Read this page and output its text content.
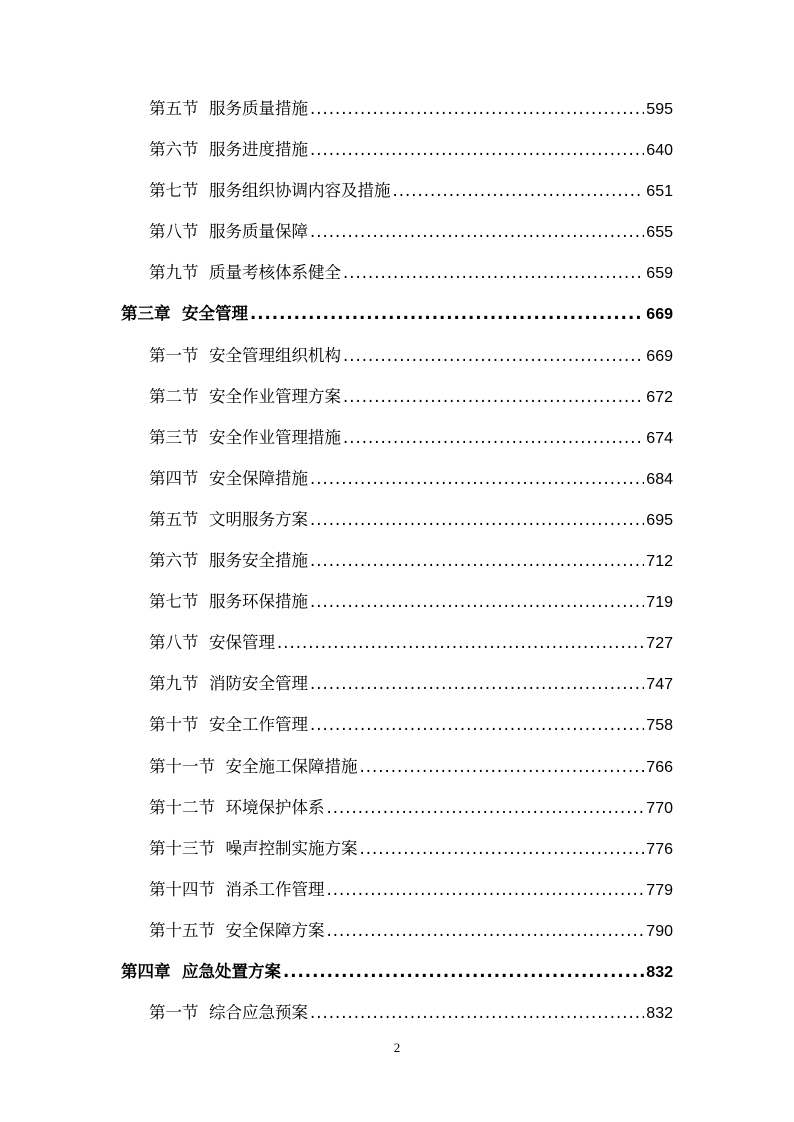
第五节  服务质量措施 .....	595
第六节  服务进度措施 .....	640
第七节  服务组织协调内容及措施 .....	651
第八节  服务质量保障 .....	655
第九节  质量考核体系健全 .....	659
第三章  安全管理 .....	669
第一节  安全管理组织机构 .....	669
第二节  安全作业管理方案 .....	672
第三节  安全作业管理措施 .....	674
第四节  安全保障措施 .....	684
第五节  文明服务方案 .....	695
第六节  服务安全措施 .....	712
第七节  服务环保措施 .....	719
第八节  安保管理 .....	727
第九节  消防安全管理 .....	747
第十节  安全工作管理 .....	758
第十一节  安全施工保障措施 .....	766
第十二节  环境保护体系 .....	770
第十三节  噪声控制实施方案 .....	776
第十四节  消杀工作管理 .....	779
第十五节  安全保障方案 .....	790
第四章  应急处置方案 .....	832
第一节  综合应急预案 .....	832
2
